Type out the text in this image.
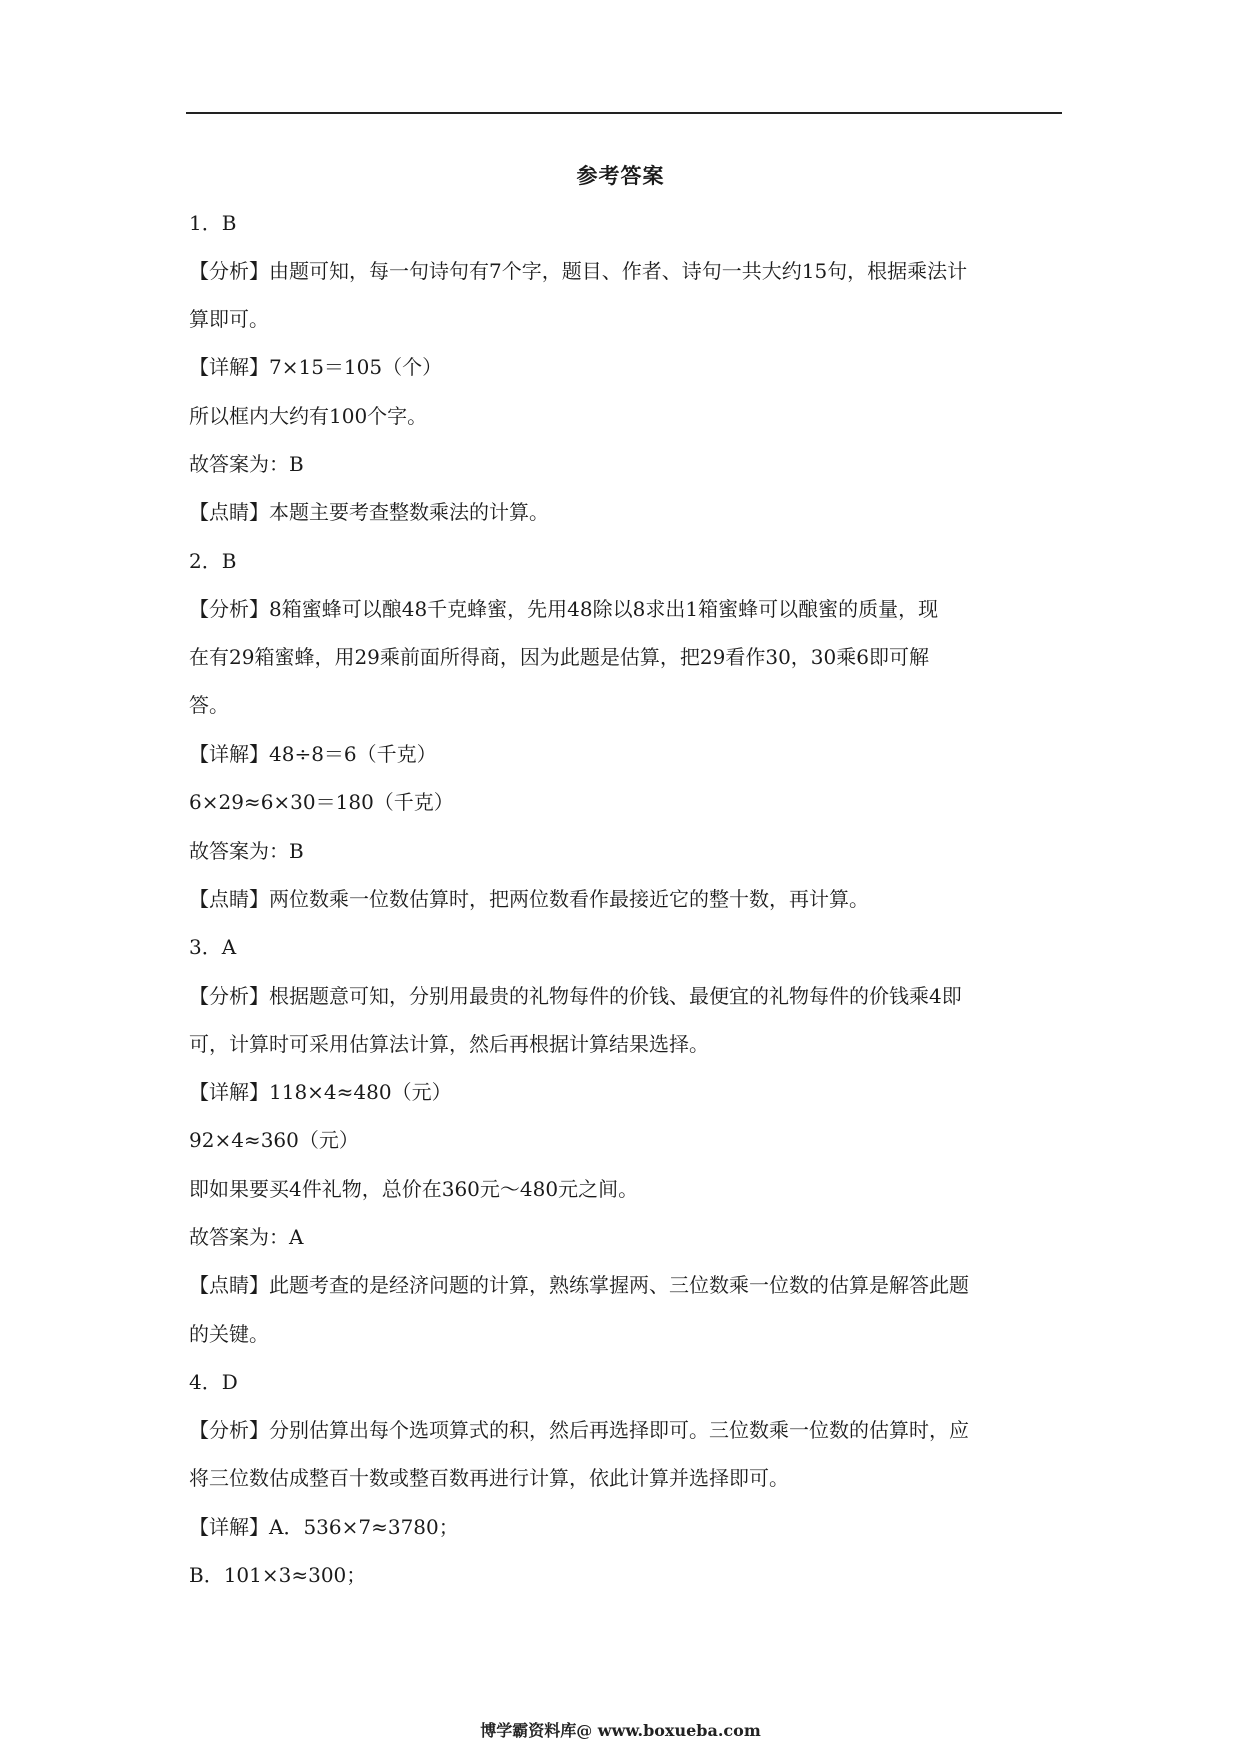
参考答案
1．B
【分析】由题可知，每一句诗句有7个字，题目、作者、诗句一共大约15句，根据乘法计
算即可。
【详解】7×15＝105（个）
所以框内大约有100个字。
故答案为：B
【点睛】本题主要考查整数乘法的计算。
2．B
【分析】8箱蜜蜂可以酿48千克蜂蜜，先用48除以8求出1箱蜜蜂可以酿蜜的质量，现
在有29箱蜜蜂，用29乘前面所得商，因为此题是估算，把29看作30，30乘6即可解
答。
【详解】48÷8＝6（千克）
6×29≈6×30＝180（千克）
故答案为：B
【点睛】两位数乘一位数估算时，把两位数看作最接近它的整十数，再计算。
3．A
【分析】根据题意可知，分别用最贵的礼物每件的价钱、最便宜的礼物每件的价钱乘4即
可，计算时可采用估算法计算，然后再根据计算结果选择。
【详解】118×4≈480（元）
92×4≈360（元）
即如果要买4件礼物，总价在360元～480元之间。
故答案为：A
【点睛】此题考查的是经济问题的计算，熟练掌握两、三位数乘一位数的估算是解答此题
的关键。
4．D
【分析】分别估算出每个选项算式的积，然后再选择即可。三位数乘一位数的估算时，应
将三位数估成整百十数或整百数再进行计算，依此计算并选择即可。
【详解】A．536×7≈3780；
B．101×3≈300；
博学霸资料库@ www.boxueba.com
